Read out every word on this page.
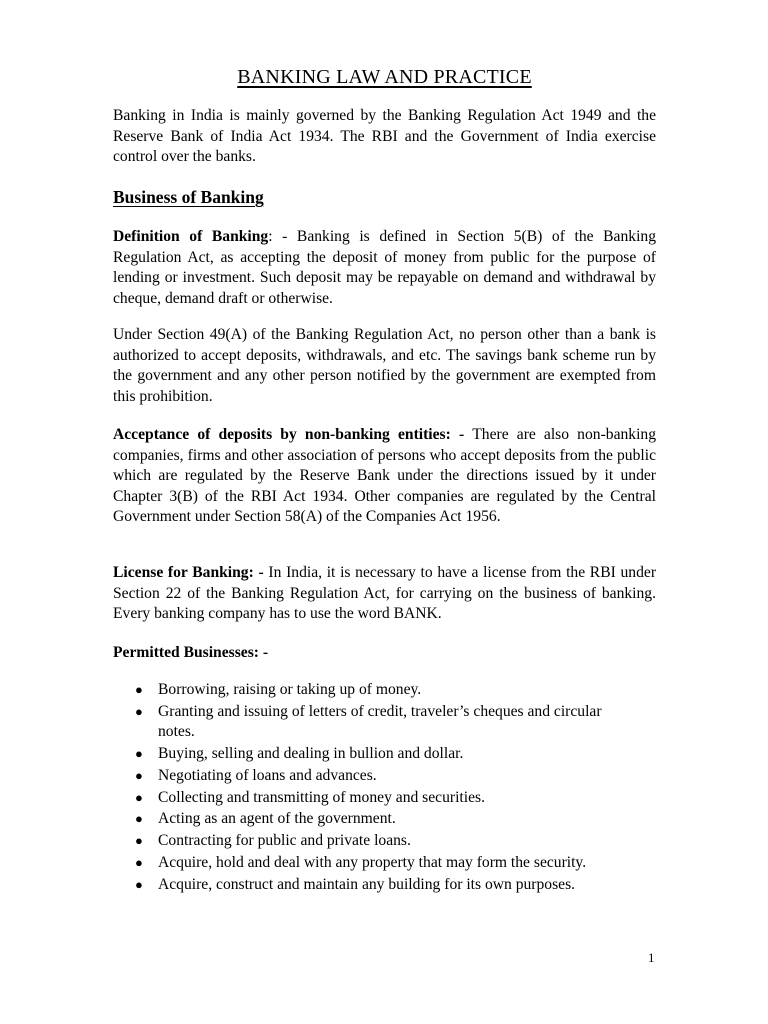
BANKING LAW AND PRACTICE

Banking in India is mainly governed by the Banking Regulation Act 1949 and the Reserve Bank of India Act 1934. The RBI and the Government of India exercise control over the banks.

Business of Banking

Definition of Banking: - Banking is defined in Section 5(B) of the Banking Regulation Act, as accepting the deposit of money from public for the purpose of lending or investment. Such deposit may be repayable on demand and withdrawal by cheque, demand draft or otherwise.

Under Section 49(A) of the Banking Regulation Act, no person other than a bank is authorized to accept deposits, withdrawals, and etc. The savings bank scheme run by the government and any other person notified by the government are exempted from this prohibition.

Acceptance of deposits by non-banking entities: - There are also non-banking companies, firms and other association of persons who accept deposits from the public which are regulated by the Reserve Bank under the directions issued by it under Chapter 3(B) of the RBI Act 1934. Other companies are regulated by the Central Government under Section 58(A) of the Companies Act 1956.

License for Banking: - In India, it is necessary to have a license from the RBI under Section 22 of the Banking Regulation Act, for carrying on the business of banking. Every banking company has to use the word BANK.

Permitted Businesses: -

● Borrowing, raising or taking up of money.
● Granting and issuing of letters of credit, traveler’s cheques and circular notes.
● Buying, selling and dealing in bullion and dollar.
● Negotiating of loans and advances.
● Collecting and transmitting of money and securities.
● Acting as an agent of the government.
● Contracting for public and private loans.
● Acquire, hold and deal with any property that may form the security.
● Acquire, construct and maintain any building for its own purposes.
1
